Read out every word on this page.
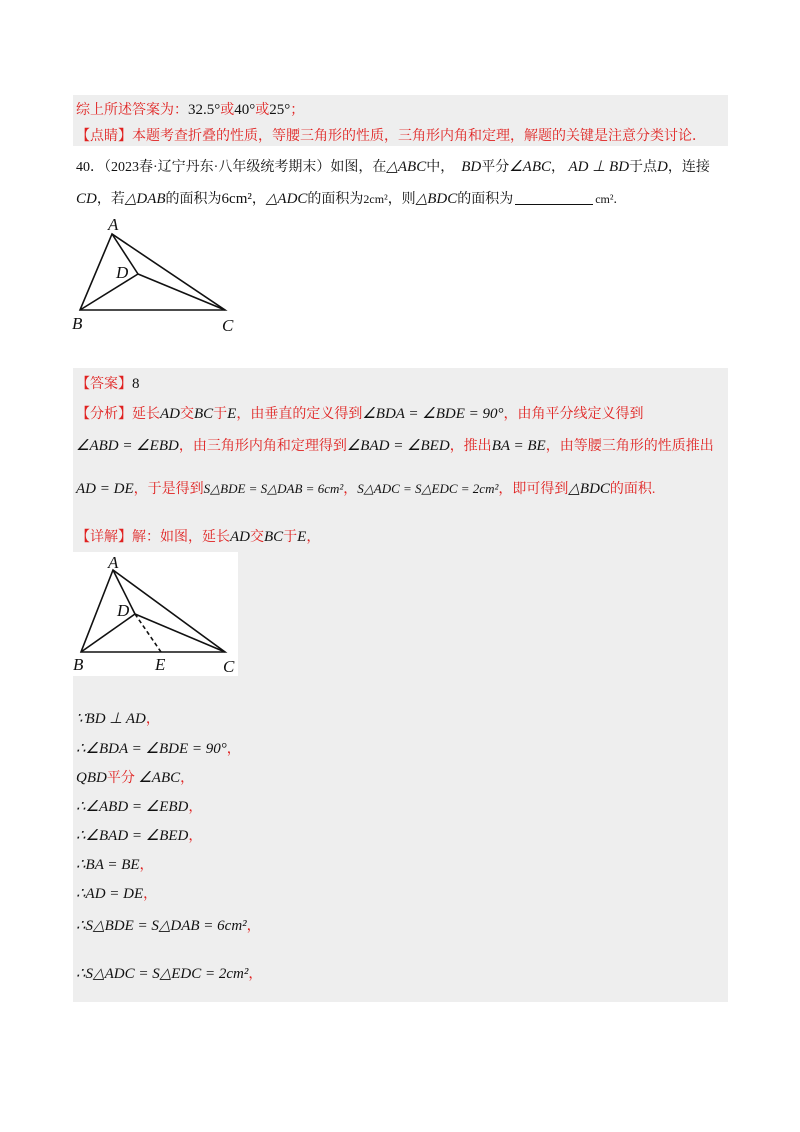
综上所述答案为：32.5°或40°或25°；
【点睛】本题考查折叠的性质，等腰三角形的性质，三角形内角和定理，解题的关键是注意分类讨论．
40．（2023春·辽宁丹东·八年级统考期末）如图，在△ABC中， BD平分∠ABC， AD ⊥ BD于点D，连接
CD，若△DAB的面积为6cm²，△ADC的面积为2cm²，则△BDC的面积为	cm².
A
B	C
D
【答案】8
【分析】延长AD交BC于E，由垂直的定义得到∠BDA = ∠BDE = 90°，由角平分线定义得到
∠ABD = ∠EBD，由三角形内角和定理得到∠BAD = ∠BED，推出BA = BE，由等腰三角形的性质推出
AD = DE，于是得到S△BDE = S△DAB = 6cm²，S△ADC = S△EDC = 2cm²，即可得到△BDC的面积.
【详解】解：如图，延长AD交BC于E，
A
B	C
D
E
∵BD ⊥ AD，
∴∠BDA = ∠BDE = 90°，
QBD平分 ∠ABC，
∴∠ABD = ∠EBD，
∴∠BAD = ∠BED，
∴BA = BE，
∴AD = DE，
∴S△BDE = S△DAB = 6cm²，
∴S△ADC = S△EDC = 2cm²，
